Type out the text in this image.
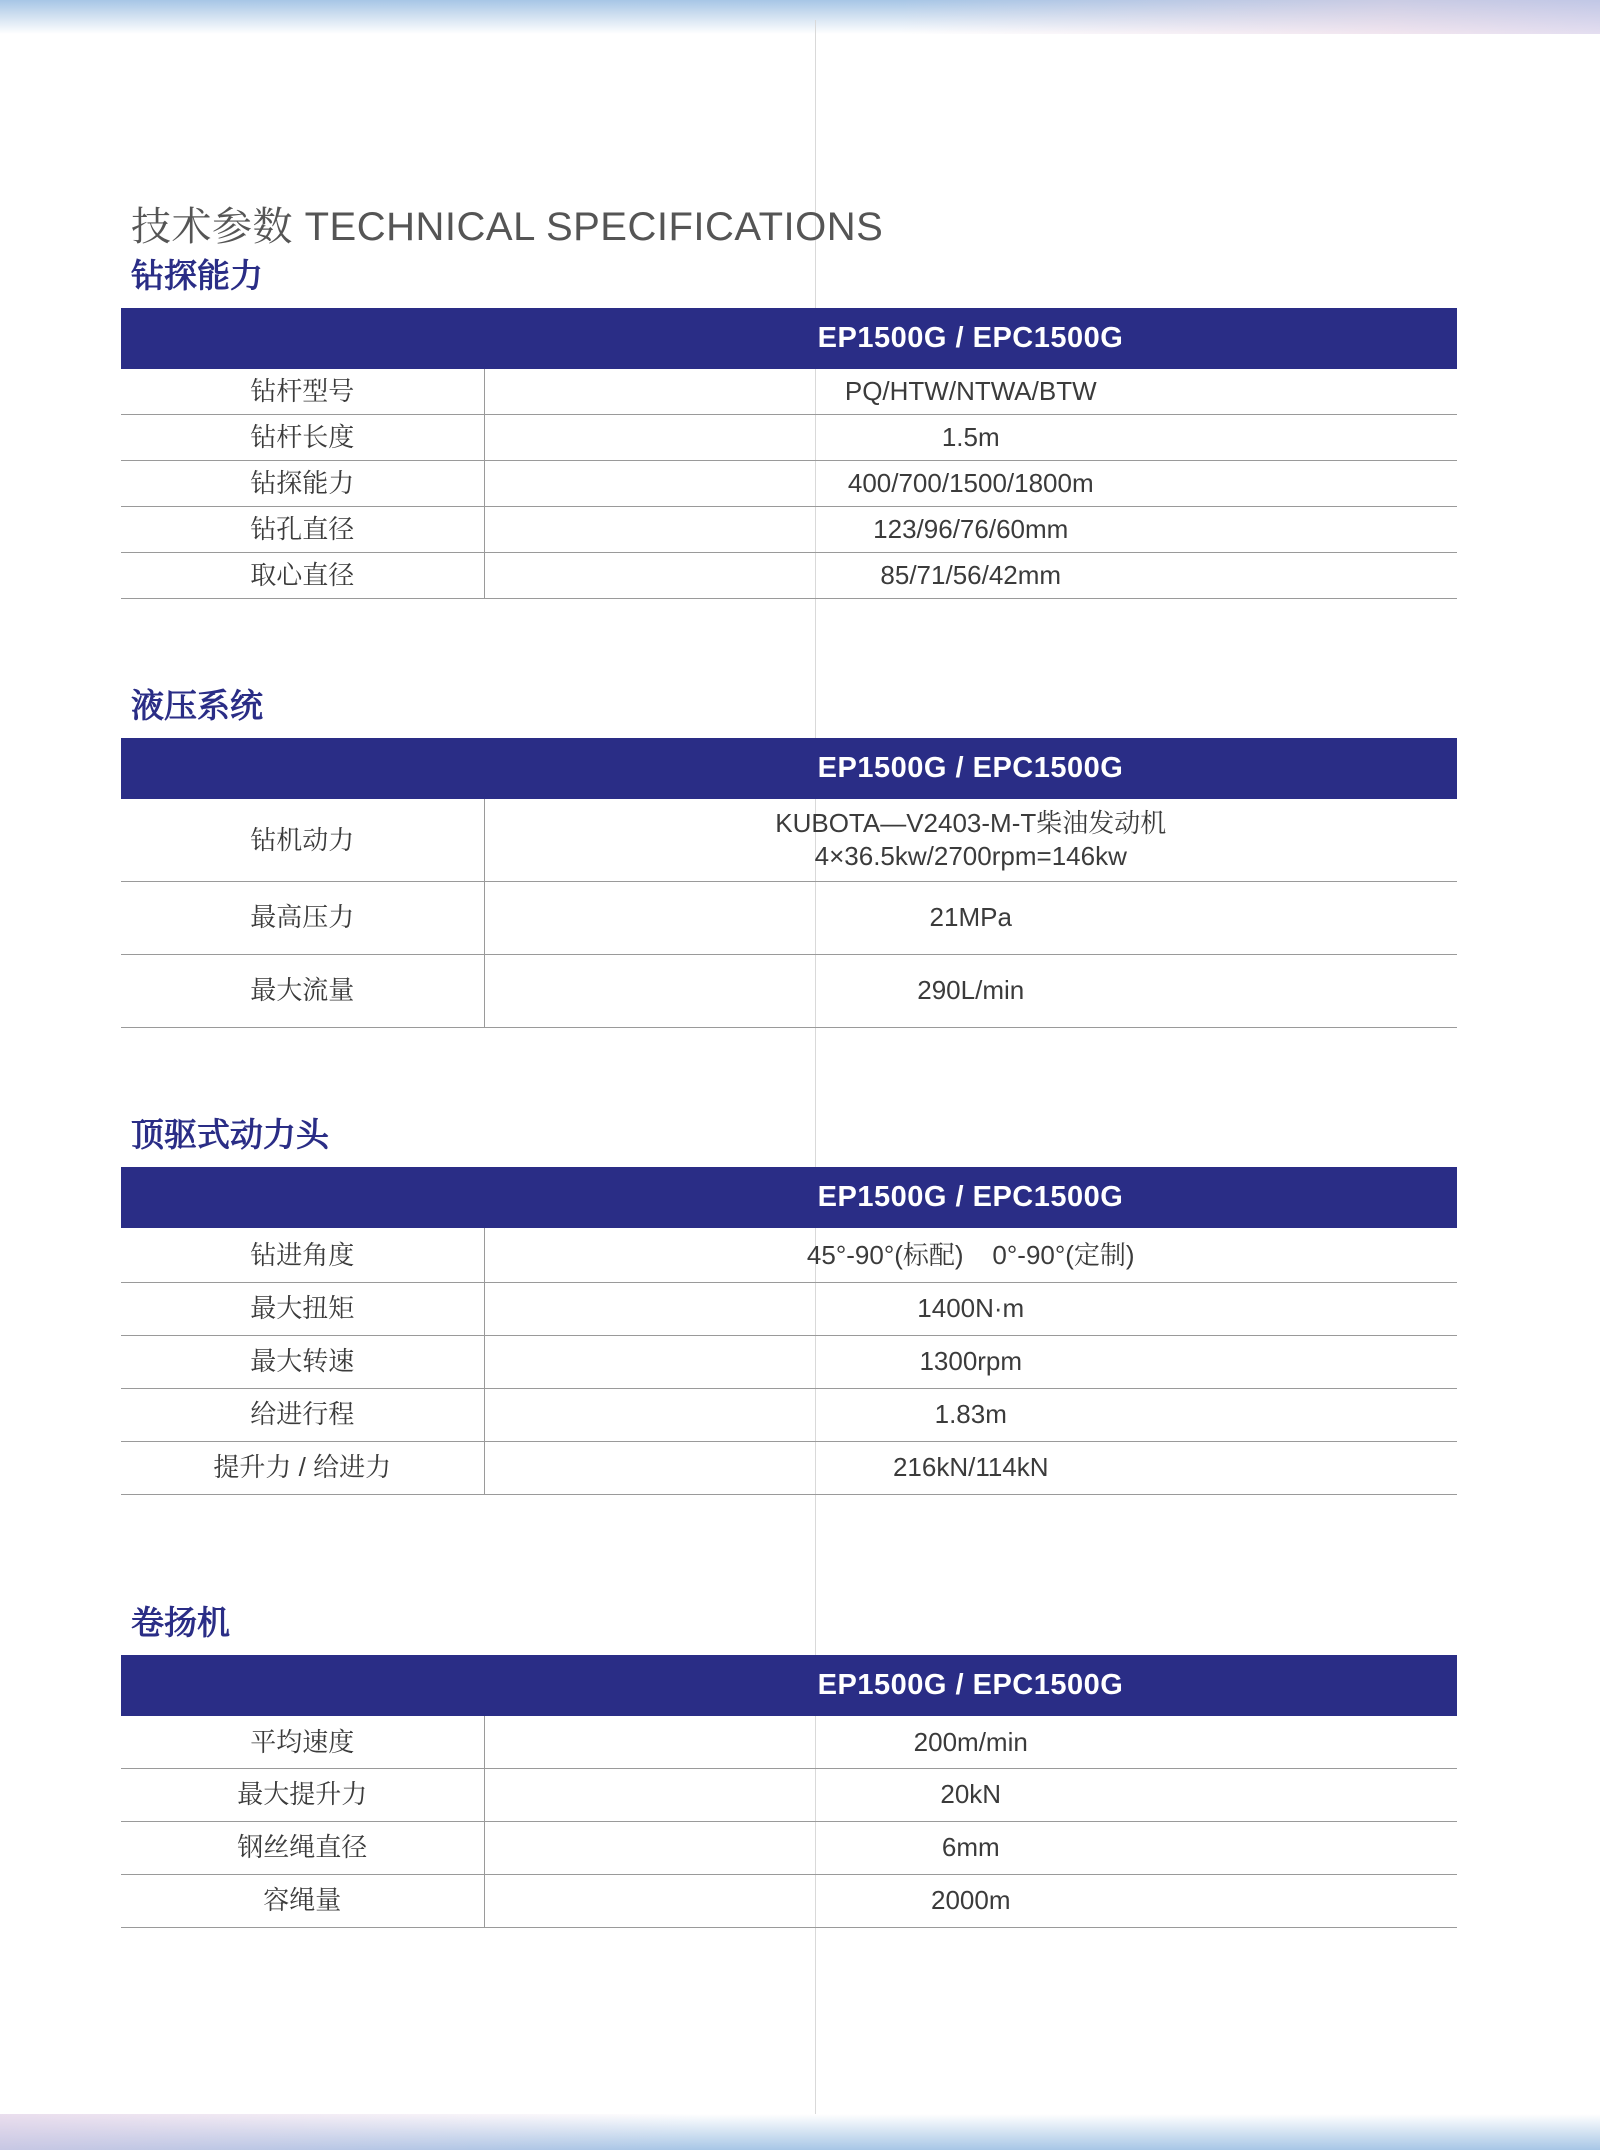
技术参数 TECHNICAL SPECIFICATIONS
钻探能力
	EP1500G / EPC1500G
钻杆型号	PQ/HTW/NTWA/BTW
钻杆长度	1.5m
钻探能力	400/700/1500/1800m
钻孔直径	123/96/76/60mm
取心直径	85/71/56/42mm
液压系统
	EP1500G / EPC1500G
钻机动力	KUBOTA—V2403-M-T柴油发动机
4×36.5kw/2700rpm=146kw

最高压力	21MPa
最大流量	290L/min
顶驱式动力头
	EP1500G / EPC1500G
钻进角度	45°-90°(标配)    0°-90°(定制)
最大扭矩	1400N·m
最大转速	1300rpm
给进行程	1.83m
提升力 / 给进力	216kN/114kN
卷扬机
	EP1500G / EPC1500G
平均速度	200m/min
最大提升力	20kN
钢丝绳直径	6mm
容绳量	2000m
